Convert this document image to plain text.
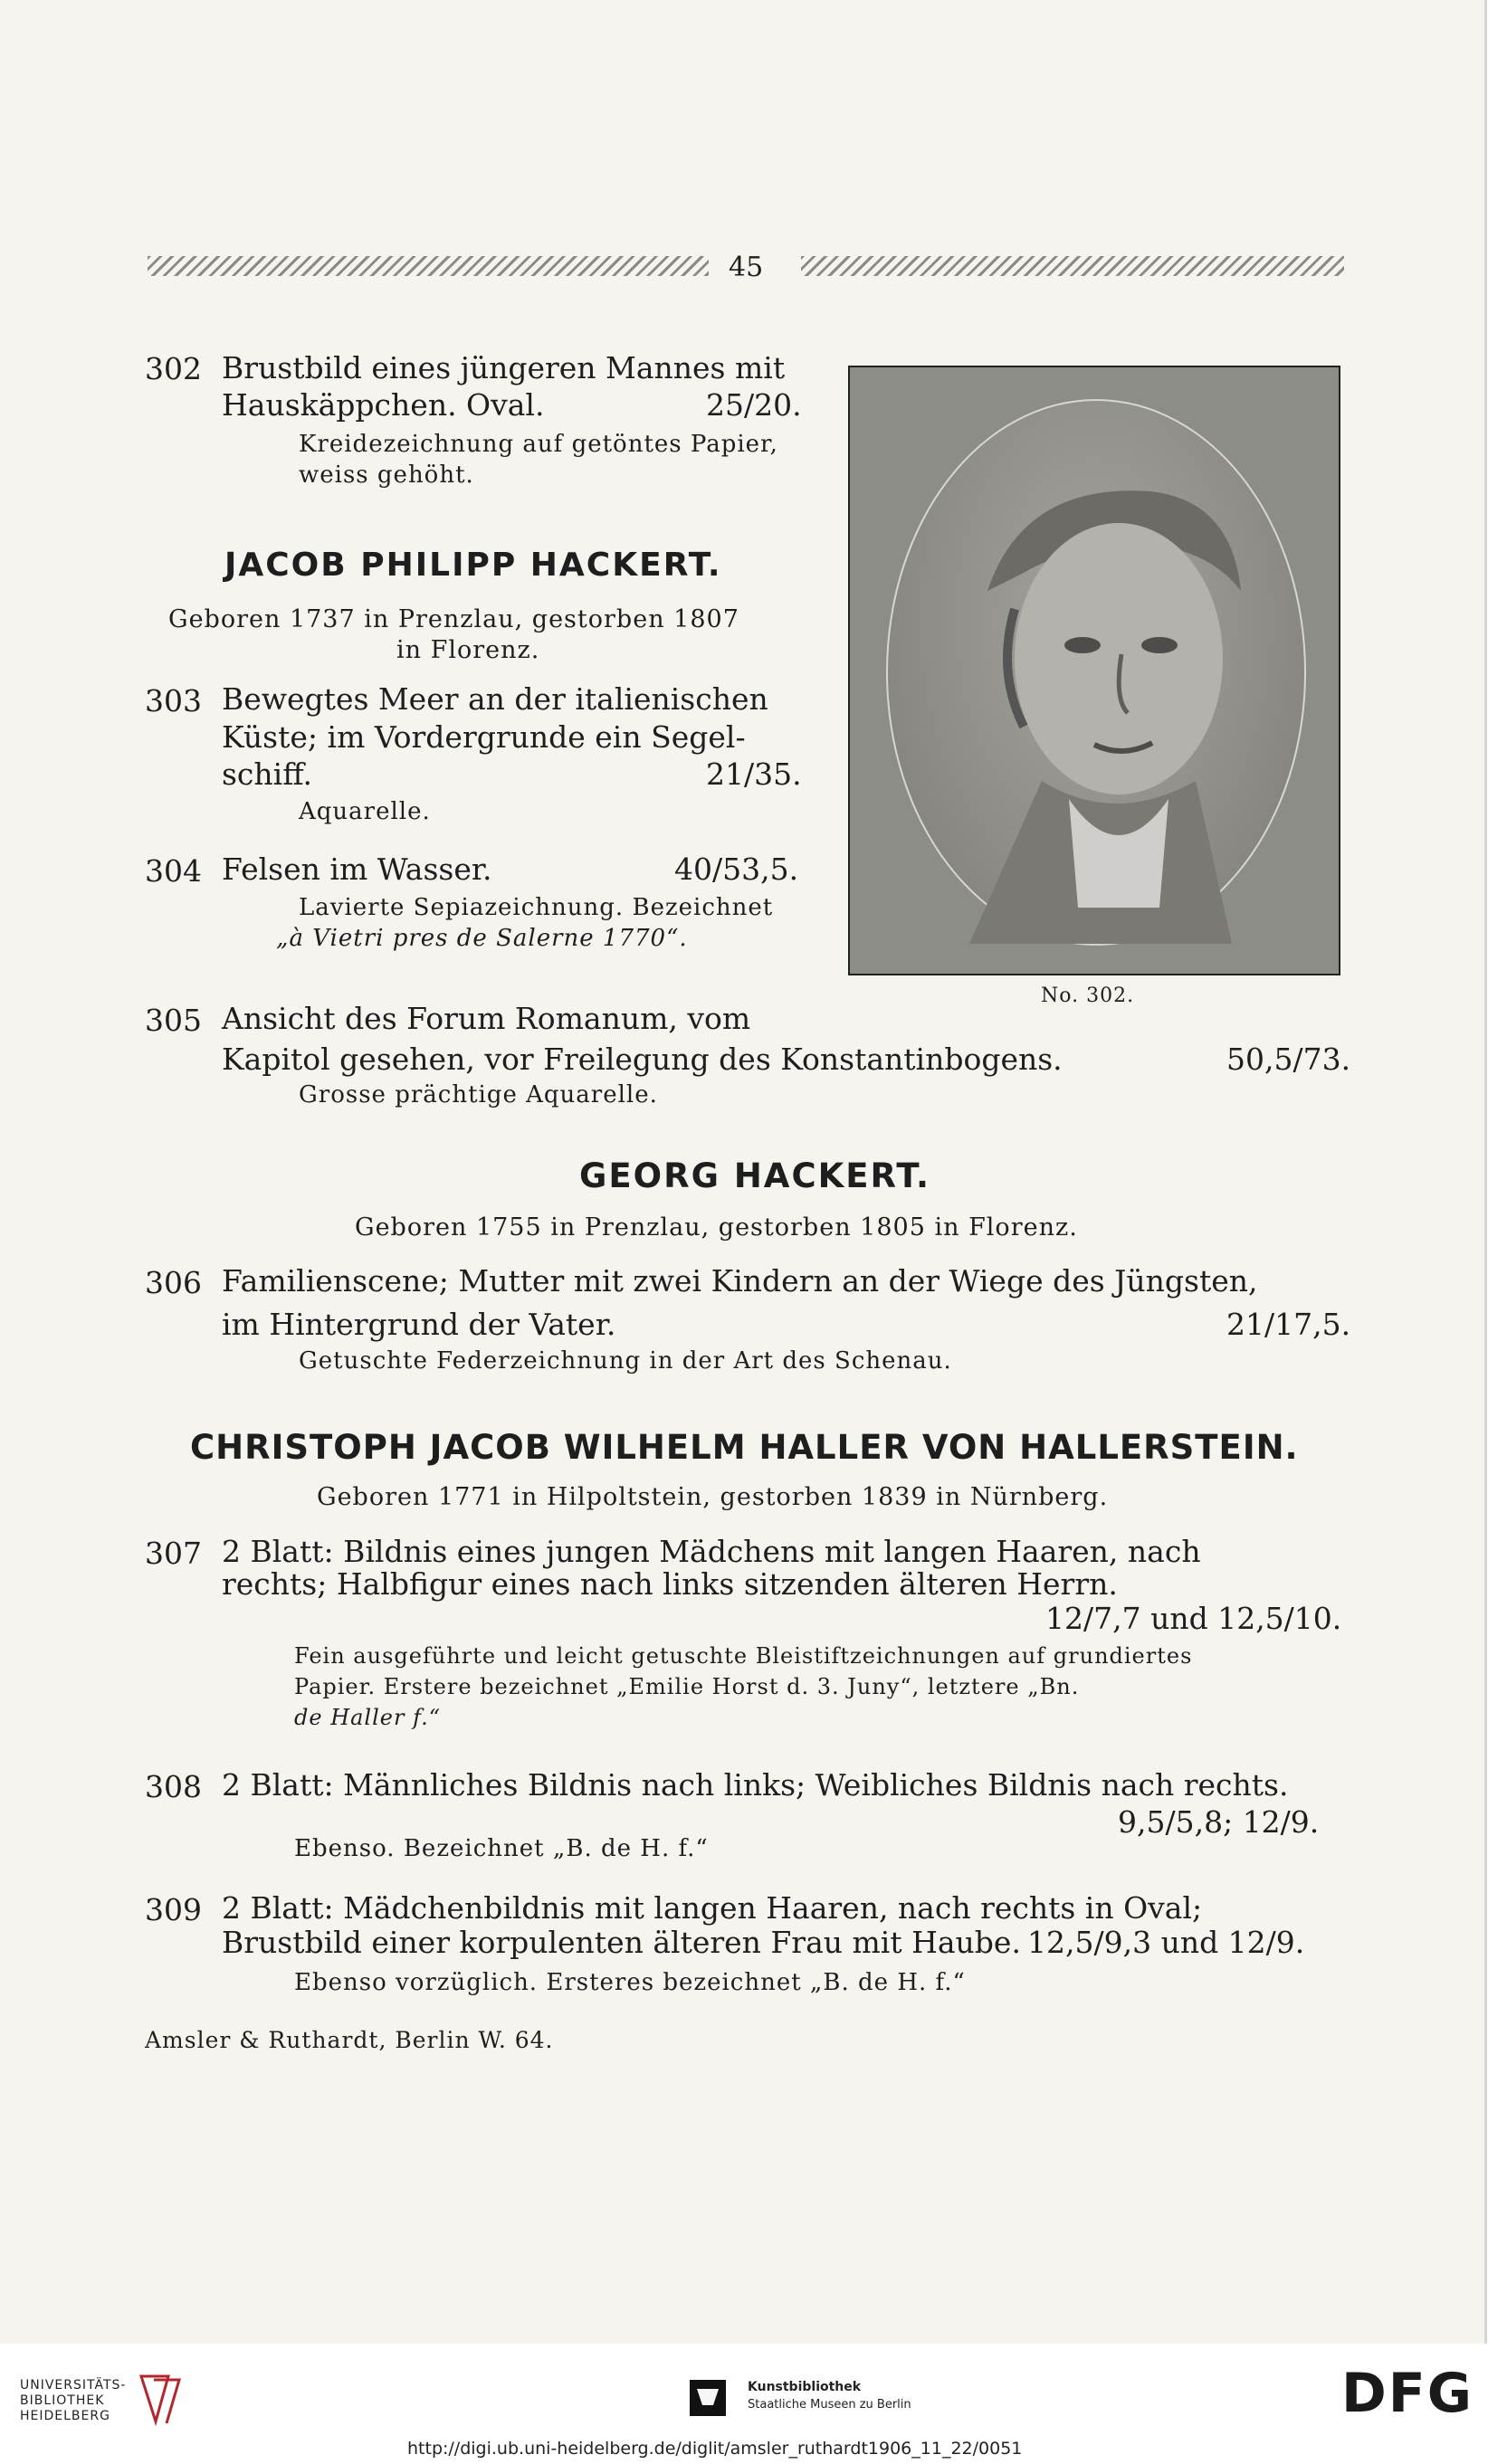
45
302 Brustbild eines jüngeren Mannes mit
Hauskäppchen. Oval.	25/20.
Kreidezeichnung auf getöntes Papier,
weiss gehöht.
JACOB PHILIPP HACKERT.
Geboren 1737 in Prenzlau, gestorben 1807
in Florenz.
303 Bewegtes Meer an der italienischen
Küste; im Vordergrunde ein Segel-
schiff.	21/35.
Aquarelle.
304 Felsen im Wasser.	40/53,5.
Lavierte Sepiazeichnung. Bezeichnet
„à Vietri pres de Salerne 1770“.
No. 302.
305 Ansicht des Forum Romanum, vom
Kapitol gesehen, vor Freilegung des Konstantinbogens.	50,5/73.
Grosse prächtige Aquarelle.
GEORG HACKERT.
Geboren 1755 in Prenzlau, gestorben 1805 in Florenz.
306 Familienscene; Mutter mit zwei Kindern an der Wiege des Jüngsten,
im Hintergrund der Vater.	21/17,5.
Getuschte Federzeichnung in der Art des Schenau.
CHRISTOPH JACOB WILHELM HALLER VON HALLERSTEIN.
Geboren 1771 in Hilpoltstein, gestorben 1839 in Nürnberg.
307 2 Blatt: Bildnis eines jungen Mädchens mit langen Haaren, nach
rechts; Halbfigur eines nach links sitzenden älteren Herrn.
12/7,7 und 12,5/10.
Fein ausgeführte und leicht getuschte Bleistiftzeichnungen auf grundiertes
Papier. Erstere bezeichnet „Emilie Horst d. 3. Juny“, letztere „Bn.
de Haller f.“
308 2 Blatt: Männliches Bildnis nach links; Weibliches Bildnis nach rechts.
9,5/5,8; 12/9.
Ebenso. Bezeichnet „B. de H. f.“
309 2 Blatt: Mädchenbildnis mit langen Haaren, nach rechts in Oval;
Brustbild einer korpulenten älteren Frau mit Haube. 12,5/9,3 und 12/9.
Ebenso vorzüglich. Ersteres bezeichnet „B. de H. f.“
Amsler & Ruthardt, Berlin W. 64.
UNIVERSITÄTS-
BIBLIOTHEK
HEIDELBERG
Kunstbibliothek
Staatliche Museen zu Berlin	DFG
http://digi.ub.uni-heidelberg.de/diglit/amsler_ruthardt1906_11_22/0051
